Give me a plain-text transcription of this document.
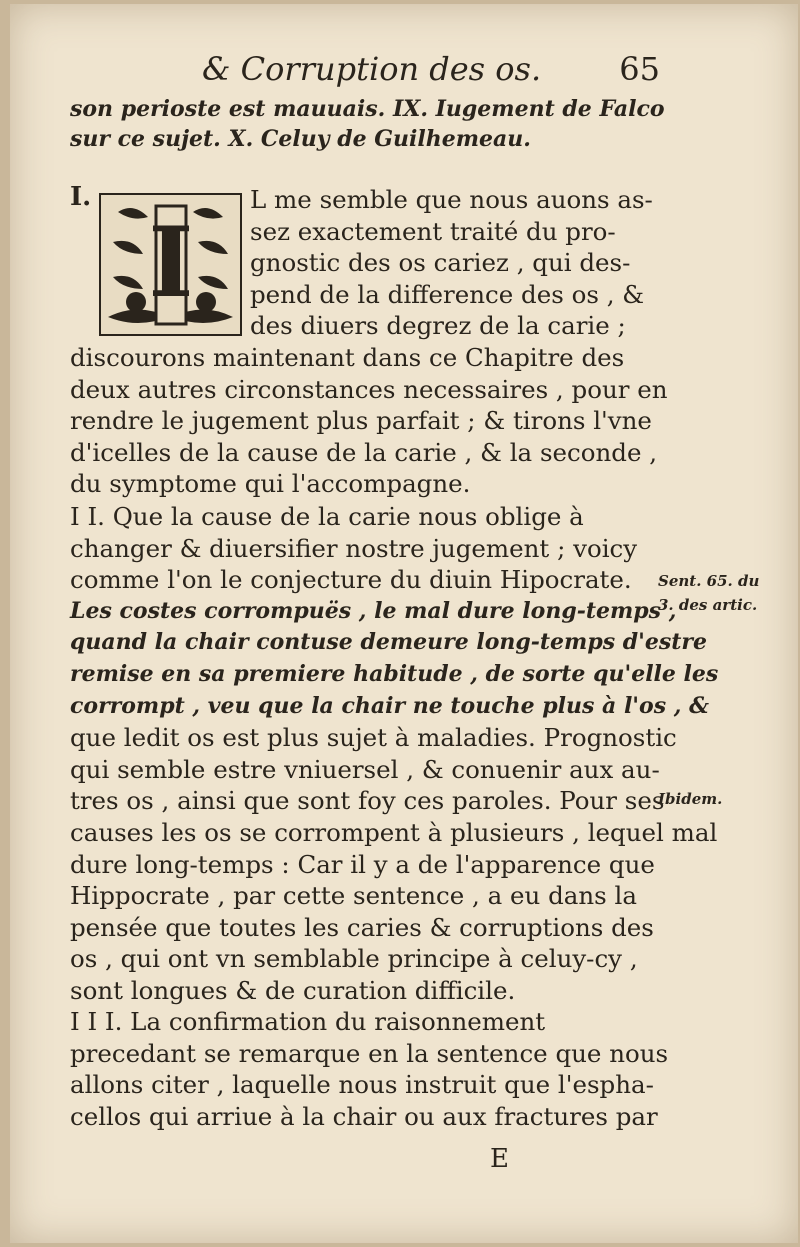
& Corruption des os. 65
son perioste est mauuais. IX. Iugement de Falco
sur ce sujet. X. Celuy de Guilhemeau.
I.
I
L me semble que nous auons as-
sez exactement traité du pro-
gnostic des os cariez , qui des-
pend de la difference des os , &
des diuers degrez de la carie ;
discourons maintenant dans ce Chapitre des
deux autres circonstances necessaires , pour en
rendre le jugement plus parfait ; & tirons l'vne
d'icelles de la cause de la carie , & la seconde ,
du symptome qui l'accompagne.
I I. Que la cause de la carie nous oblige à
changer & diuersifier nostre jugement ; voicy
comme l'on le conjecture du diuin Hipocrate.
Les costes corrompuës , le mal dure long-temps ,
quand la chair contuse demeure long-temps d'estre
remise en sa premiere habitude , de sorte qu'elle les
corrompt , veu que la chair ne touche plus à l'os , &
que ledit os est plus sujet à maladies. Prognostic
qui semble estre vniuersel , & conuenir aux au-
tres os , ainsi que sont foy ces paroles. Pour ses
causes les os se corrompent à plusieurs , lequel mal
dure long-temps : Car il y a de l'apparence que
Hippocrate , par cette sentence , a eu dans la
pensée que toutes les caries & corruptions des
os , qui ont vn semblable principe à celuy-cy ,
sont longues & de curation difficile.
I I I. La confirmation du raisonnement
precedant se remarque en la sentence que nous
allons citer , laquelle nous instruit que l'espha-
cellos qui arriue à la chair ou aux fractures par
Sent. 65. du
3. des artic.
Ibidem.
E
